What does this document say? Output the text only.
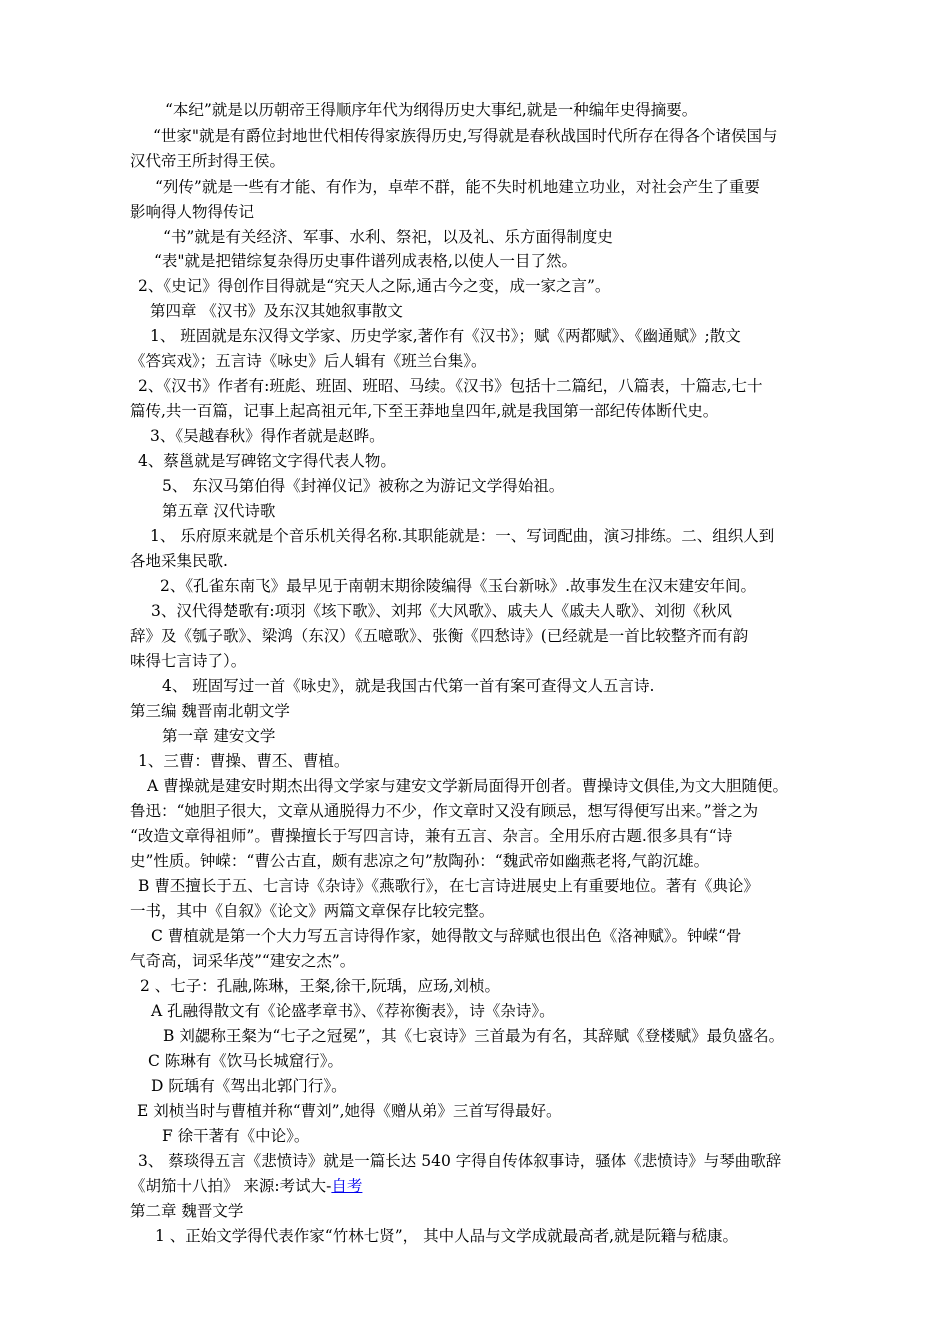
“本纪”就是以历朝帝王得顺序年代为纲得历史大事纪,就是一种编年史得摘要。
“世家"就是有爵位封地世代相传得家族得历史,写得就是春秋战国时代所存在得各个诸侯国与
汉代帝王所封得王侯。
“列传”就是一些有才能、有作为，卓荦不群，能不失时机地建立功业，对社会产生了重要
影响得人物得传记
“书”就是有关经济、军事、水利、祭祀，以及礼、乐方面得制度史
“表"就是把错综复杂得历史事件谱列成表格,以使人一目了然。
2、《史记》得创作目得就是“究天人之际,通古今之变，成一家之言”。
第四章 《汉书》及东汉其她叙事散文
1、 班固就是东汉得文学家、历史学家,著作有《汉书》；赋《两都赋》、《幽通赋》;散文
《答宾戏》；五言诗《咏史》后人辑有《班兰台集》。
2、《汉书》作者有:班彪、班固、班昭、马续。《汉书》包括十二篇纪，八篇表，十篇志,七十
篇传,共一百篇，记事上起高祖元年,下至王莽地皇四年,就是我国第一部纪传体断代史。
3、《吴越春秋》得作者就是赵晔。
4、蔡邕就是写碑铭文字得代表人物。
5、 东汉马第伯得《封禅仪记》被称之为游记文学得始祖。
第五章 汉代诗歌
1、 乐府原来就是个音乐机关得名称.其职能就是：一、写词配曲，演习排练。二、组织人到
各地采集民歌.
2、《孔雀东南飞》最早见于南朝末期徐陵编得《玉台新咏》.故事发生在汉末建安年间。
3、汉代得楚歌有:项羽《垓下歌》、刘邦《大风歌》、戚夫人《戚夫人歌》、刘彻《秋风
辞》及《瓠子歌》、梁鸿（东汉）《五噫歌》、张衡《四愁诗》(已经就是一首比较整齐而有韵
味得七言诗了）。
4、 班固写过一首《咏史》，就是我国古代第一首有案可查得文人五言诗.
第三编 魏晋南北朝文学
第一章 建安文学
1、三曹：曹操、曹丕、曹植。
A 曹操就是建安时期杰出得文学家与建安文学新局面得开创者。曹操诗文俱佳,为文大胆随便。
鲁迅：“她胆子很大，文章从通脱得力不少，作文章时又没有顾忌，想写得便写出来。”誉之为
“改造文章得祖师”。曹操擅长于写四言诗，兼有五言、杂言。全用乐府古题.很多具有“诗
史”性质。钟嵘：“曹公古直，颇有悲凉之句”敖陶孙：“魏武帝如幽燕老将,气韵沉雄。
B 曹丕擅长于五、七言诗《杂诗》《燕歌行》，在七言诗进展史上有重要地位。著有《典论》
一书，其中《自叙》《论文》两篇文章保存比较完整。
C 曹植就是第一个大力写五言诗得作家，她得散文与辞赋也很出色《洛神赋》。钟嵘“骨
气奇高，词采华茂”“建安之杰”。
2 、七子：孔融,陈琳，王粲,徐干,阮瑀，应玚,刘桢。
A 孔融得散文有《论盛孝章书》、《荐祢衡表》，诗《杂诗》。
B 刘勰称王粲为“七子之冠冕”，其《七哀诗》三首最为有名，其辞赋《登楼赋》最负盛名。
C 陈琳有《饮马长城窟行》。
D 阮瑀有《驾出北郭门行》。
E 刘桢当时与曹植并称“曹刘”,她得《赠从弟》三首写得最好。
F 徐干著有《中论》。
3、 蔡琰得五言《悲愤诗》就是一篇长达 540 字得自传体叙事诗，骚体《悲愤诗》与琴曲歌辞
《胡笳十八拍》 来源:考试大-自考
第二章 魏晋文学
1 、正始文学得代表作家“竹林七贤”， 其中人品与文学成就最高者,就是阮籍与嵇康。
